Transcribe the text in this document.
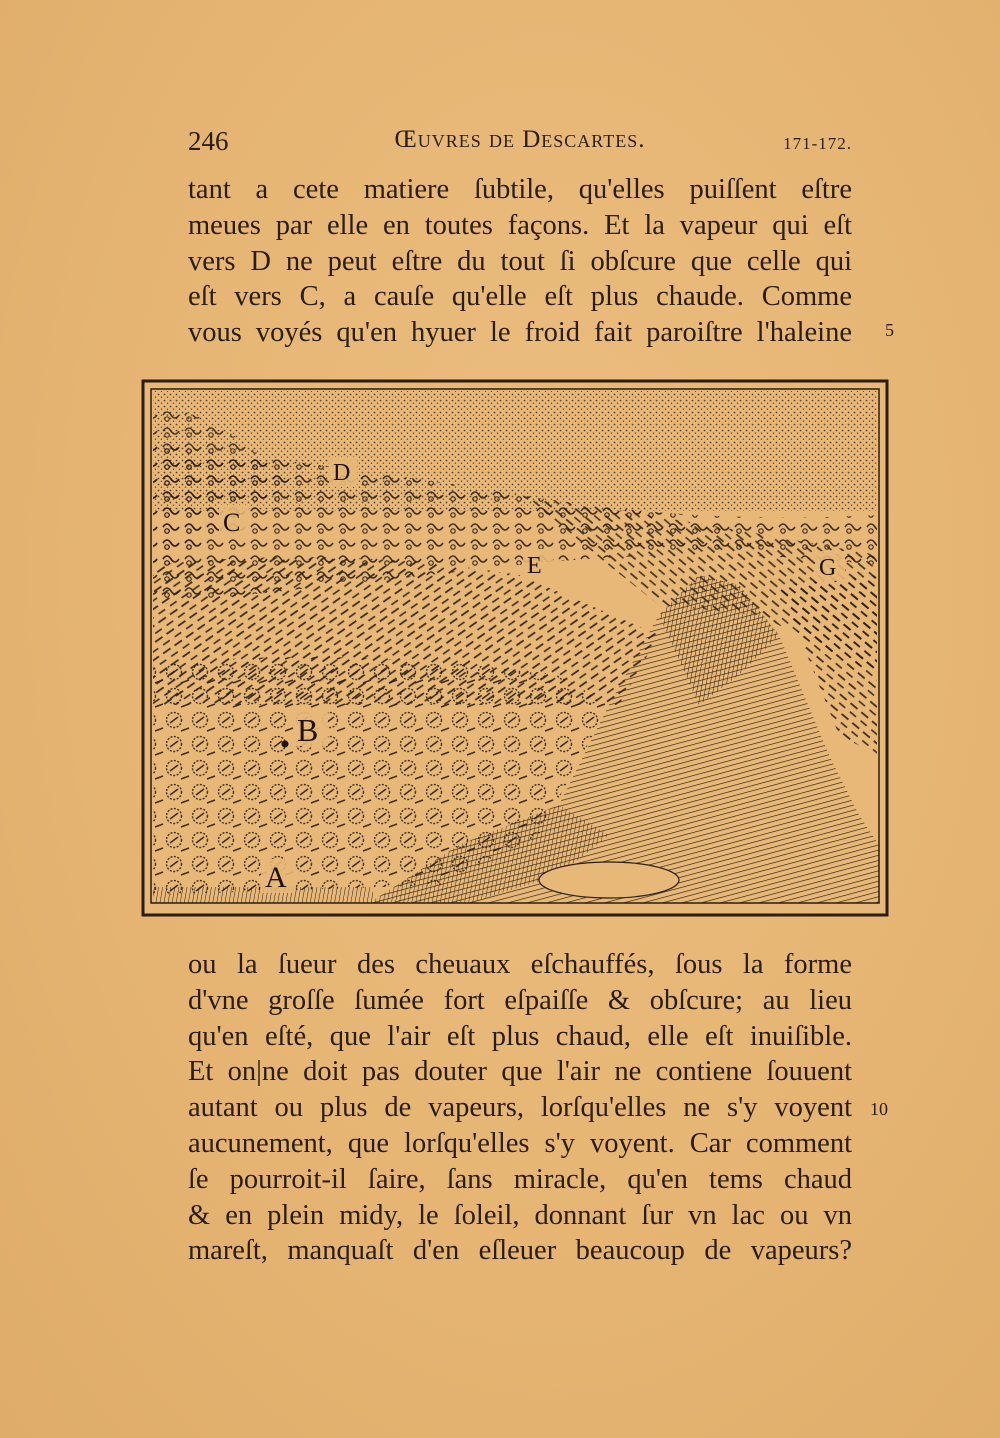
246	Œuvres de Descartes.	171-172.
tant a cete matiere ſubtile, qu'elles puiſſent eſtre
meues par elle en toutes façons. Et la vapeur qui eſt
vers D ne peut eſtre du tout ſi obſcure que celle qui
eſt vers C, a cauſe qu'elle eſt plus chaude. Comme
vous voyés qu'en hyuer le froid fait paroiſtre l'haleine 5
B
A
C
D
E	G
ou la ſueur des cheuaux eſchauffés, ſous la forme
d'vne groſſe ſumée fort eſpaiſſe & obſcure; au lieu
qu'en eſté, que l'air eſt plus chaud, elle eſt inuiſible.
Et on|ne doit pas douter que l'air ne contiene ſouuent
autant ou plus de vapeurs, lorſqu'elles ne s'y voyent
aucunement, que lorſqu'elles s'y voyent. Car comment
ſe pourroit-il ſaire, ſans miracle, qu'en tems chaud
& en plein midy, le ſoleil, donnant ſur vn lac ou vn
mareſt, manquaſt d'en eſleuer beaucoup de vapeurs?
10
